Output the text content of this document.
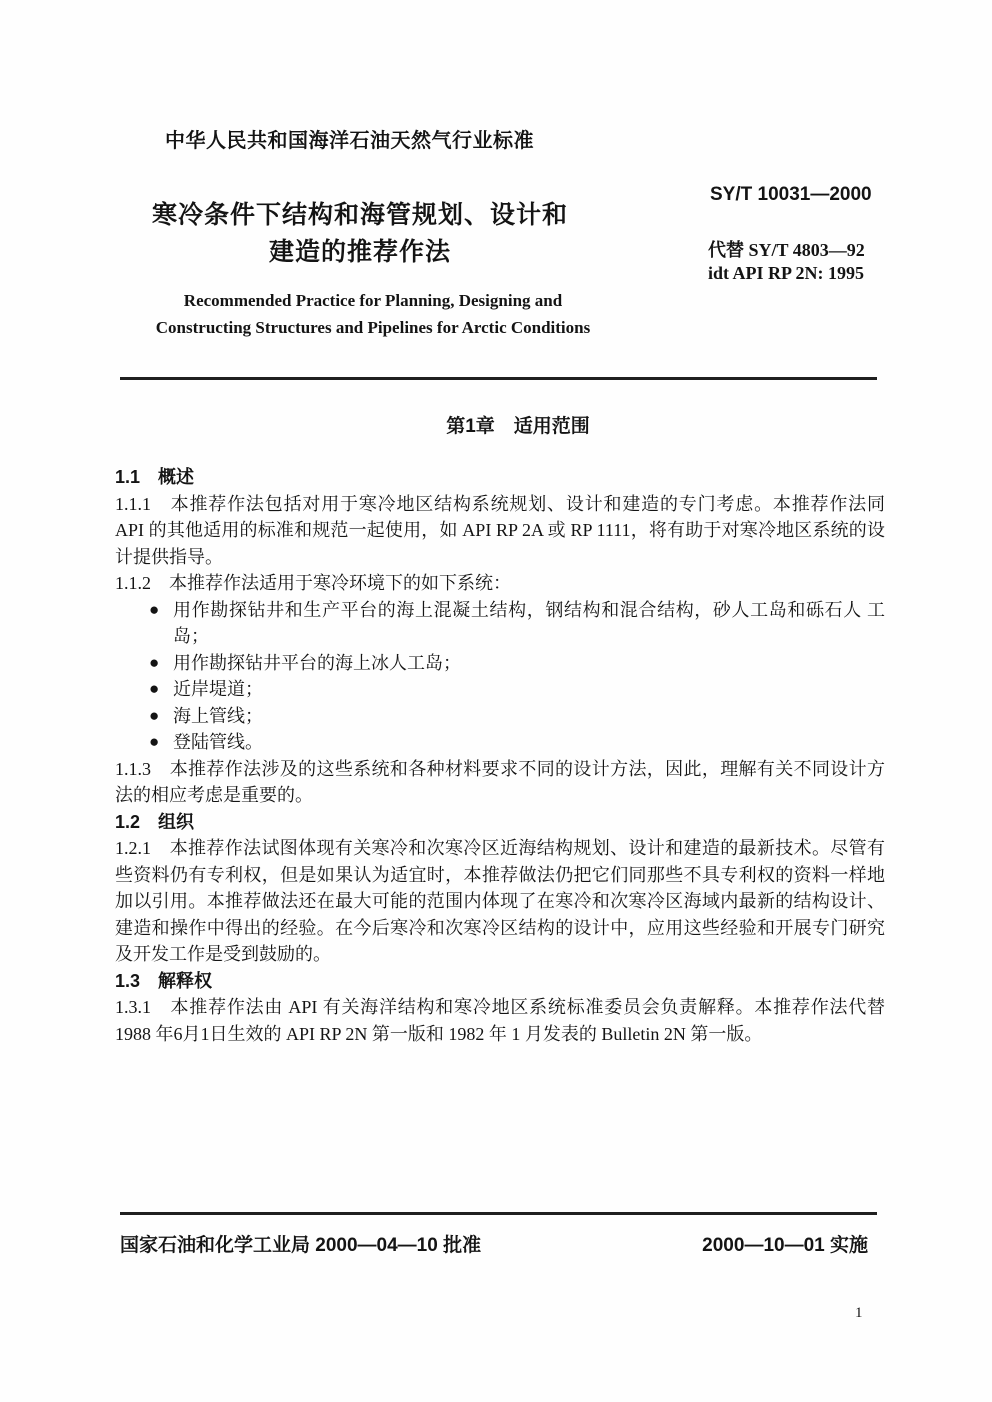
中华人民共和国海洋石油天然气行业标准
SY/T 10031—2000
寒冷条件下结构和海管规划、设计和
建造的推荐作法	代替 SY/T 4803—92
idt API RP 2N: 1995
Recommended Practice for Planning, Designing and
Constructing Structures and Pipelines for Arctic Conditions
第1章　适用范围
1.1　概述

1.1.1　本推荐作法包括对用于寒冷地区结构系统规划、设计和建造的专门考虑。本推荐作法同 API 的其他适用的标准和规范一起使用，如 API RP 2A 或 RP 1111，将有助于对寒冷地区系统的设计提供指导。

1.1.2　本推荐作法适用于寒冷环境下的如下系统：

● 用作勘探钻井和生产平台的海上混凝土结构，钢结构和混合结构，砂人工岛和砾石人 工岛；
● 用作勘探钻井平台的海上冰人工岛；
● 近岸堤道；
● 海上管线；
● 登陆管线。

1.1.3　本推荐作法涉及的这些系统和各种材料要求不同的设计方法，因此，理解有关不同设计方法的相应考虑是重要的。

1.2　组织

1.2.1　本推荐作法试图体现有关寒冷和次寒冷区近海结构规划、设计和建造的最新技术。尽管有些资料仍有专利权，但是如果认为适宜时，本推荐做法仍把它们同那些不具专利权的资料一样地加以引用。本推荐做法还在最大可能的范围内体现了在寒冷和次寒冷区海域内最新的结构设计、建造和操作中得出的经验。在今后寒冷和次寒冷区结构的设计中，应用这些经验和开展专门研究及开发工作是受到鼓励的。

1.3　解释权

1.3.1　本推荐作法由 API 有关海洋结构和寒冷地区系统标准委员会负责解释。本推荐作法代替 1988 年6月1日生效的 API RP 2N 第一版和 1982 年 1 月发表的 Bulletin 2N 第一版。

国家石油和化学工业局 2000—04—10 批准	2000—10—01 实施
1
